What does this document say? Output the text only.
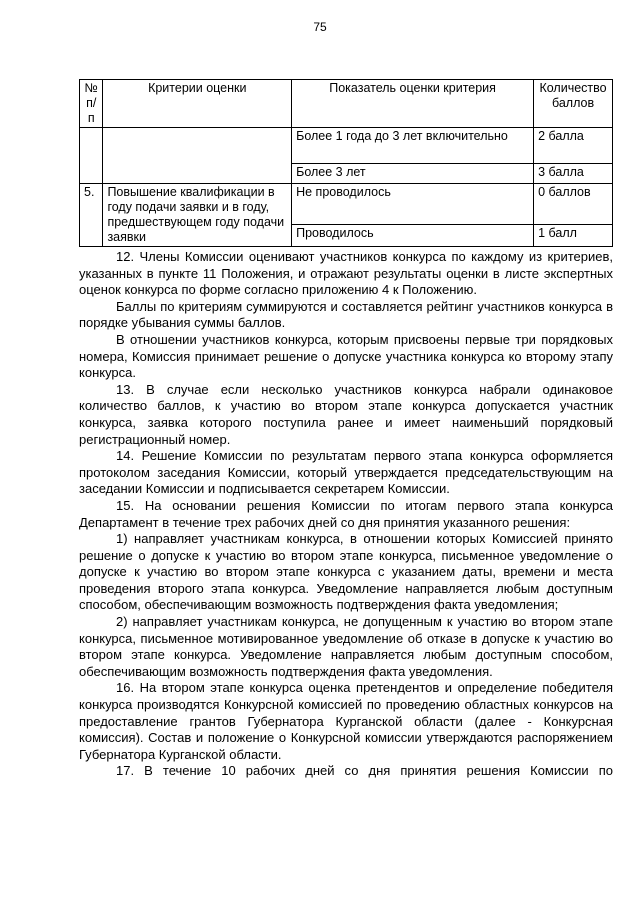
75
№ п/п	Критерии оценки	Показатель оценки критерия	Количество баллов
		Более 1 года до 3 лет включительно	2 балла
		Более 3 лет	3 балла
5.	Повышение квалификации в году подачи заявки и в году, предшествующем году подачи заявки	Не проводилось	0 баллов
		Проводилось	1 балл

12. Члены Комиссии оценивают участников конкурса по каждому из критериев, указанных в пункте 11 Положения, и отражают результаты оценки в листе экспертных оценок конкурса по форме согласно приложению 4 к Положению.

Баллы по критериям суммируются и составляется рейтинг участников конкурса в порядке убывания суммы баллов.

В отношении участников конкурса, которым присвоены первые три порядковых номера, Комиссия принимает решение о допуске участника конкурса ко второму этапу конкурса.

13. В случае если несколько участников конкурса набрали одинаковое количество баллов, к участию во втором этапе конкурса допускается участник конкурса, заявка которого поступила ранее и имеет наименьший порядковый регистрационный номер.

14. Решение Комиссии по результатам первого этапа конкурса оформляется протоколом заседания Комиссии, который утверждается председательствующим на заседании Комиссии и подписывается секретарем Комиссии.

15. На основании решения Комиссии по итогам первого этапа конкурса Департамент в течение трех рабочих дней со дня принятия указанного решения:

1) направляет участникам конкурса, в отношении которых Комиссией принято решение о допуске к участию во втором этапе конкурса, письменное уведомление о допуске к участию во втором этапе конкурса с указанием даты, времени и места проведения второго этапа конкурса. Уведомление направляется любым доступным способом, обеспечивающим возможность подтверждения факта уведомления;

2) направляет участникам конкурса, не допущенным к участию во втором этапе конкурса, письменное мотивированное уведомление об отказе в допуске к участию во втором этапе конкурса. Уведомление направляется любым доступным способом, обеспечивающим возможность подтверждения факта уведомления.

16. На втором этапе конкурса оценка претендентов и определение победителя конкурса производятся Конкурсной комиссией по проведению областных конкурсов на предоставление грантов Губернатора Курганской области (далее - Конкурсная комиссия). Состав и положение о Конкурсной комиссии утверждаются распоряжением Губернатора Курганской области.

17. В течение 10 рабочих дней со дня принятия решения Комиссии по
